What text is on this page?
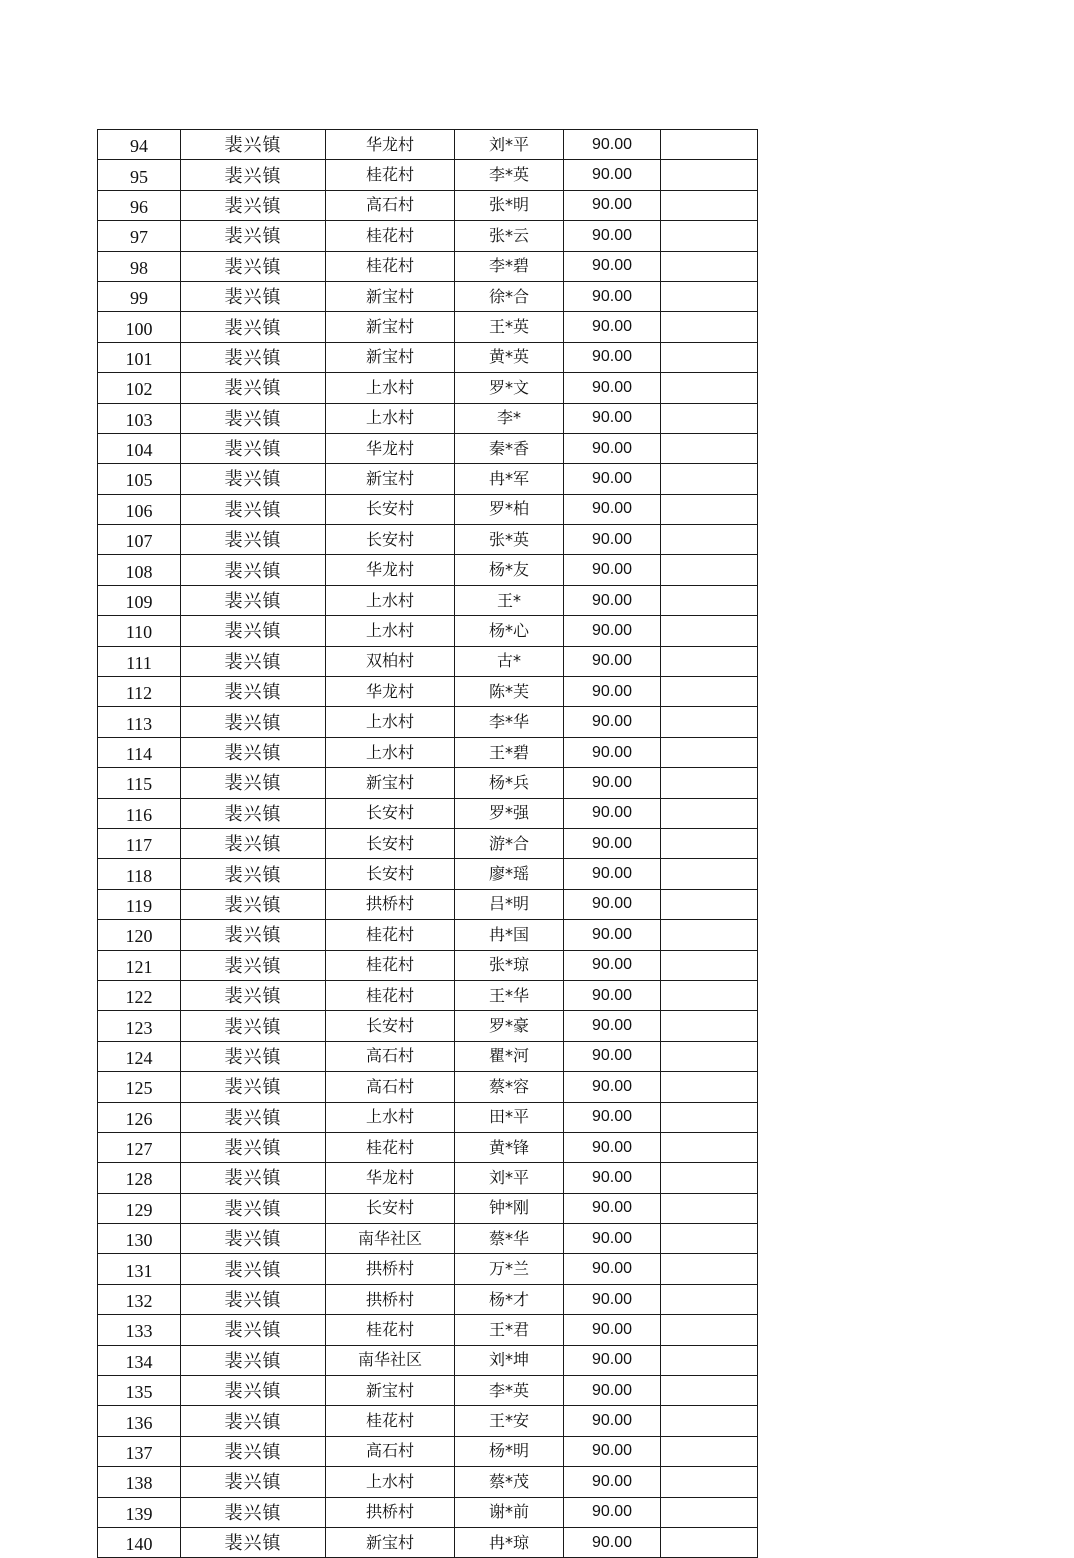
94	裴兴镇	华龙村	刘*平	90.00	
95	裴兴镇	桂花村	李*英	90.00	
96	裴兴镇	高石村	张*明	90.00	
97	裴兴镇	桂花村	张*云	90.00	
98	裴兴镇	桂花村	李*碧	90.00	
99	裴兴镇	新宝村	徐*合	90.00	
100	裴兴镇	新宝村	王*英	90.00	
101	裴兴镇	新宝村	黄*英	90.00	
102	裴兴镇	上水村	罗*文	90.00	
103	裴兴镇	上水村	李*	90.00	
104	裴兴镇	华龙村	秦*香	90.00	
105	裴兴镇	新宝村	冉*军	90.00	
106	裴兴镇	长安村	罗*柏	90.00	
107	裴兴镇	长安村	张*英	90.00	
108	裴兴镇	华龙村	杨*友	90.00	
109	裴兴镇	上水村	王*	90.00	
110	裴兴镇	上水村	杨*心	90.00	
111	裴兴镇	双柏村	古*	90.00	
112	裴兴镇	华龙村	陈*芙	90.00	
113	裴兴镇	上水村	李*华	90.00	
114	裴兴镇	上水村	王*碧	90.00	
115	裴兴镇	新宝村	杨*兵	90.00	
116	裴兴镇	长安村	罗*强	90.00	
117	裴兴镇	长安村	游*合	90.00	
118	裴兴镇	长安村	廖*瑶	90.00	
119	裴兴镇	拱桥村	吕*明	90.00	
120	裴兴镇	桂花村	冉*国	90.00	
121	裴兴镇	桂花村	张*琼	90.00	
122	裴兴镇	桂花村	王*华	90.00	
123	裴兴镇	长安村	罗*豪	90.00	
124	裴兴镇	高石村	瞿*河	90.00	
125	裴兴镇	高石村	蔡*容	90.00	
126	裴兴镇	上水村	田*平	90.00	
127	裴兴镇	桂花村	黄*锋	90.00	
128	裴兴镇	华龙村	刘*平	90.00	
129	裴兴镇	长安村	钟*刚	90.00	
130	裴兴镇	南华社区	蔡*华	90.00	
131	裴兴镇	拱桥村	万*兰	90.00	
132	裴兴镇	拱桥村	杨*才	90.00	
133	裴兴镇	桂花村	王*君	90.00	
134	裴兴镇	南华社区	刘*坤	90.00	
135	裴兴镇	新宝村	李*英	90.00	
136	裴兴镇	桂花村	王*安	90.00	
137	裴兴镇	高石村	杨*明	90.00	
138	裴兴镇	上水村	蔡*茂	90.00	
139	裴兴镇	拱桥村	谢*前	90.00	
140	裴兴镇	新宝村	冉*琼	90.00	
